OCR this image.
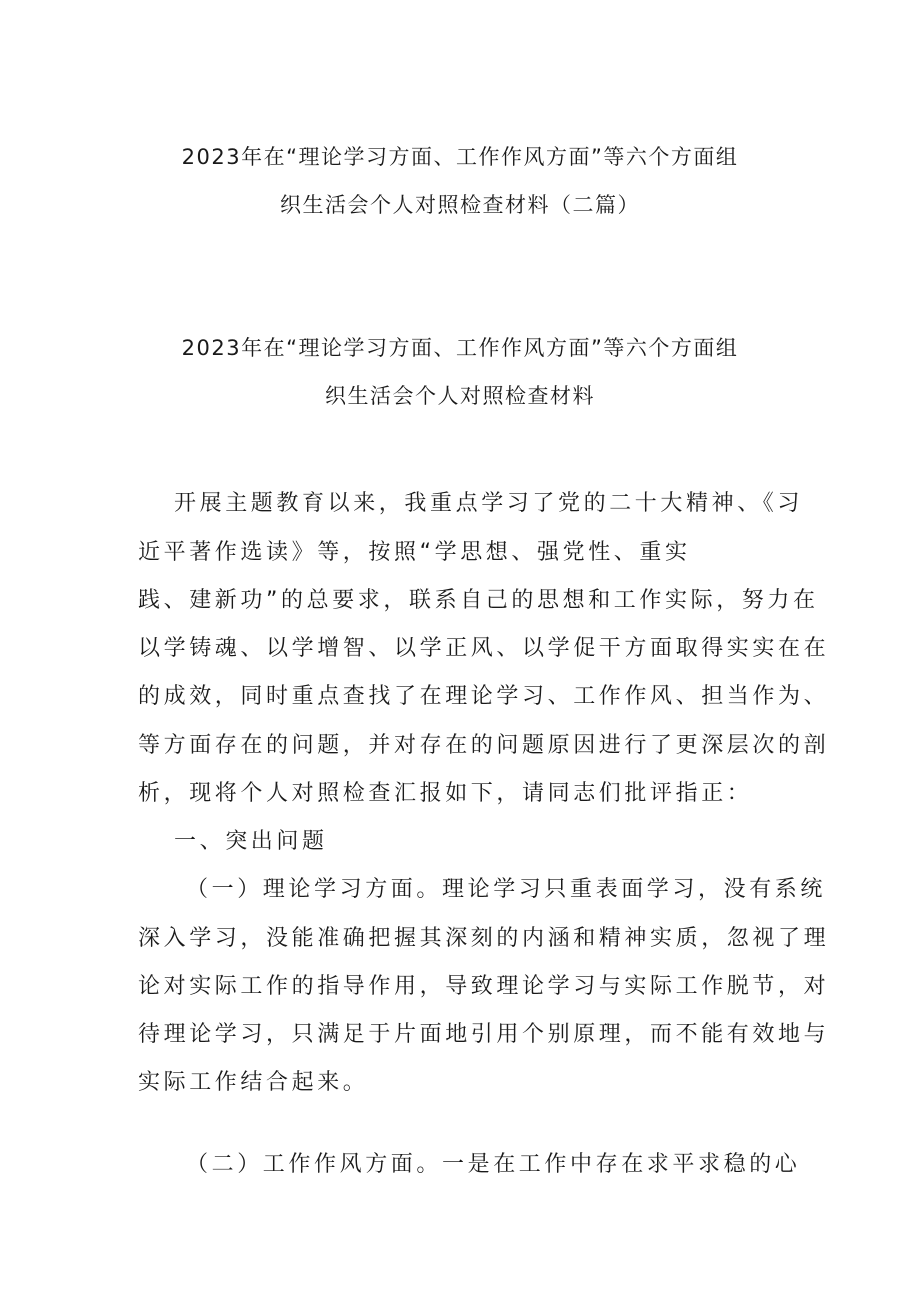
2023年在“理论学习方面、工作作风方面”等六个方面组
织生活会个人对照检查材料（二篇）
2023年在“理论学习方面、工作作风方面”等六个方面组
织生活会个人对照检查材料
开展主题教育以来，我重点学习了党的二十大精神、《习
近平著作选读》等，按照“学思想、强党性、重实
践、建新功”的总要求，联系自己的思想和工作实际，努力在
以学铸魂、以学增智、以学正风、以学促干方面取得实实在在
的成效，同时重点查找了在理论学习、工作作风、担当作为、
等方面存在的问题，并对存在的问题原因进行了更深层次的剖
析，现将个人对照检查汇报如下，请同志们批评指正：
一、突出问题
（一）理论学习方面。理论学习只重表面学习，没有系统
深入学习，没能准确把握其深刻的内涵和精神实质，忽视了理
论对实际工作的指导作用，导致理论学习与实际工作脱节，对
待理论学习，只满足于片面地引用个别原理，而不能有效地与
实际工作结合起来。
（二）工作作风方面。一是在工作中存在求平求稳的心
